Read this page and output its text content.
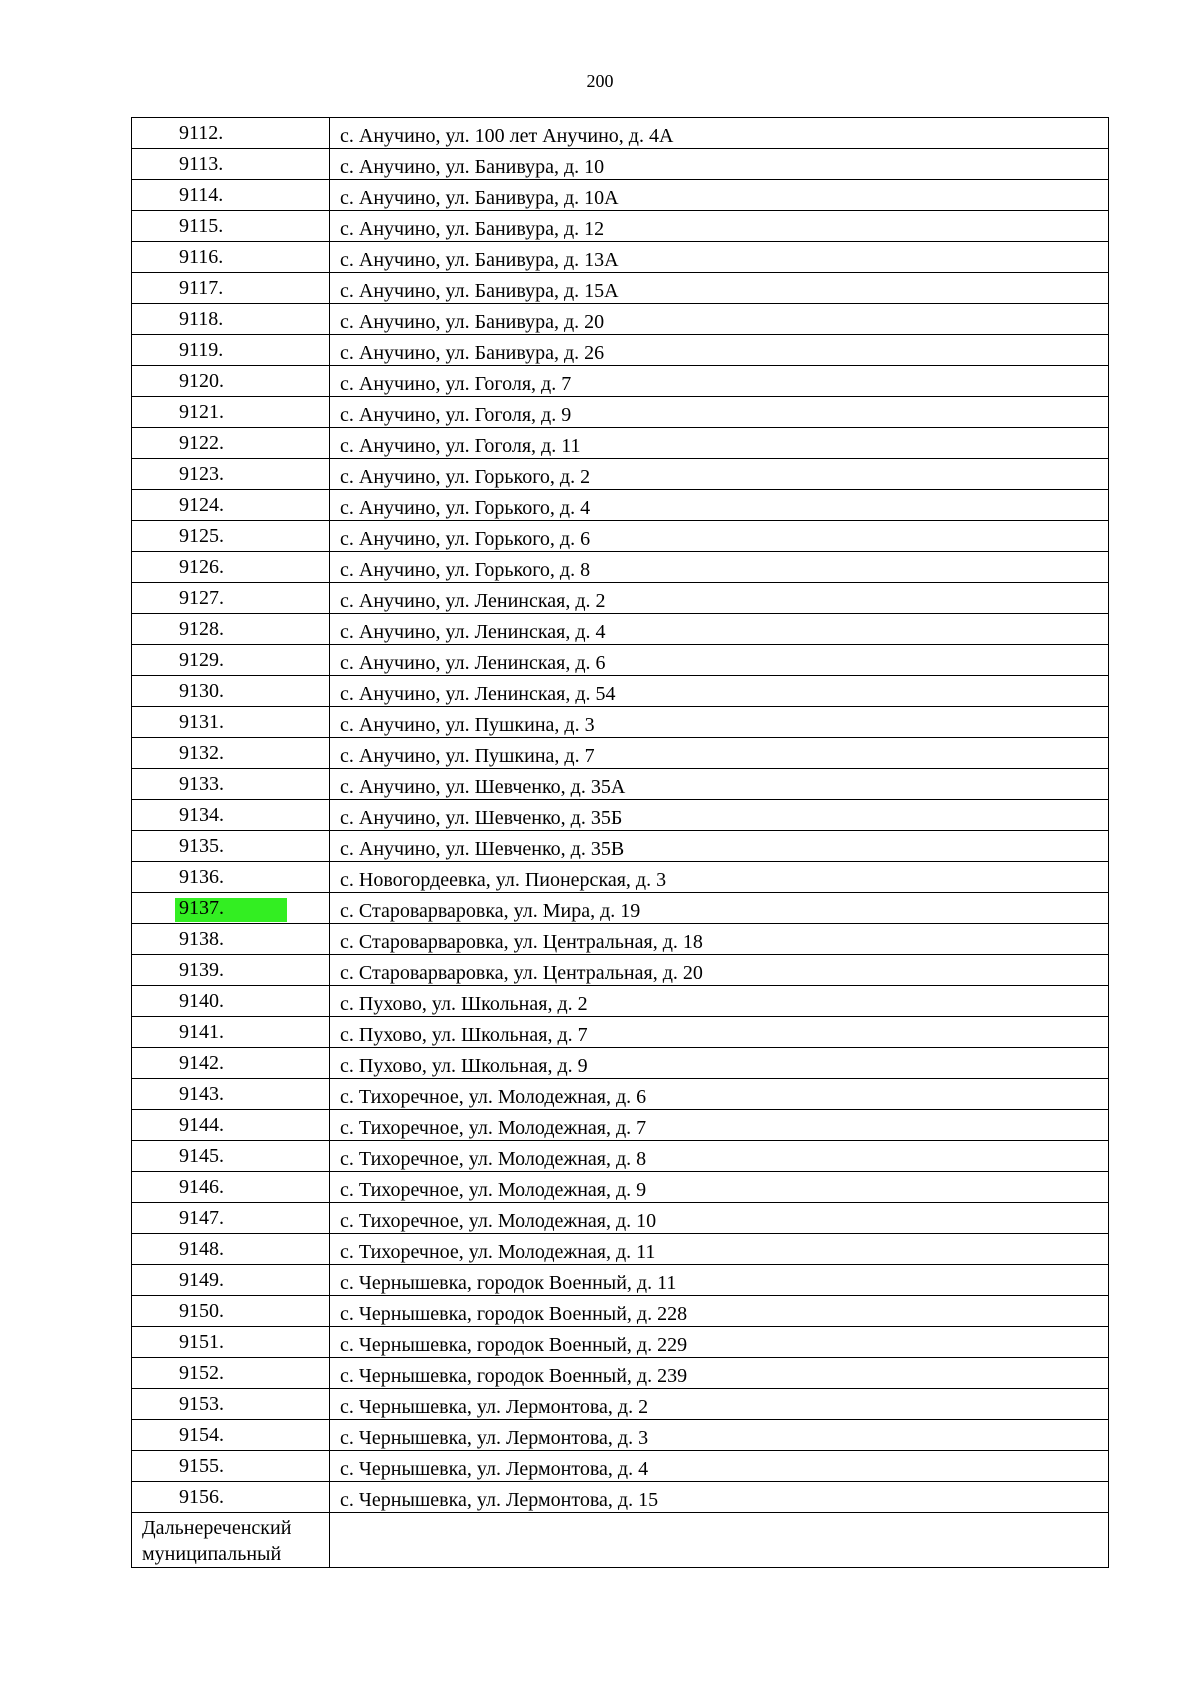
200
9112.	с. Анучино, ул. 100 лет Анучино, д. 4А
9113.	с. Анучино, ул. Банивура, д. 10
9114.	с. Анучино, ул. Банивура, д. 10А
9115.	с. Анучино, ул. Банивура, д. 12
9116.	с. Анучино, ул. Банивура, д. 13А
9117.	с. Анучино, ул. Банивура, д. 15А
9118.	с. Анучино, ул. Банивура, д. 20
9119.	с. Анучино, ул. Банивура, д. 26
9120.	с. Анучино, ул. Гоголя, д. 7
9121.	с. Анучино, ул. Гоголя, д. 9
9122.	с. Анучино, ул. Гоголя, д. 11
9123.	с. Анучино, ул. Горького, д. 2
9124.	с. Анучино, ул. Горького, д. 4
9125.	с. Анучино, ул. Горького, д. 6
9126.	с. Анучино, ул. Горького, д. 8
9127.	с. Анучино, ул. Ленинская, д. 2
9128.	с. Анучино, ул. Ленинская, д. 4
9129.	с. Анучино, ул. Ленинская, д. 6
9130.	с. Анучино, ул. Ленинская, д. 54
9131.	с. Анучино, ул. Пушкина, д. 3
9132.	с. Анучино, ул. Пушкина, д. 7
9133.	с. Анучино, ул. Шевченко, д. 35А
9134.	с. Анучино, ул. Шевченко, д. 35Б
9135.	с. Анучино, ул. Шевченко, д. 35В
9136.	с. Новогордеевка, ул. Пионерская, д. 3
9137.	с. Староварваровка, ул. Мира, д. 19
9138.	с. Староварваровка, ул. Центральная, д. 18
9139.	с. Староварваровка, ул. Центральная, д. 20
9140.	с. Пухово, ул. Школьная, д. 2
9141.	с. Пухово, ул. Школьная, д. 7
9142.	с. Пухово, ул. Школьная, д. 9
9143.	с. Тихоречное, ул. Молодежная, д. 6
9144.	с. Тихоречное, ул. Молодежная, д. 7
9145.	с. Тихоречное, ул. Молодежная, д. 8
9146.	с. Тихоречное, ул. Молодежная, д. 9
9147.	с. Тихоречное, ул. Молодежная, д. 10
9148.	с. Тихоречное, ул. Молодежная, д. 11
9149.	с. Чернышевка, городок Военный, д. 11
9150.	с. Чернышевка, городок Военный, д. 228
9151.	с. Чернышевка, городок Военный, д. 229
9152.	с. Чернышевка, городок Военный, д. 239
9153.	с. Чернышевка, ул. Лермонтова, д. 2
9154.	с. Чернышевка, ул. Лермонтова, д. 3
9155.	с. Чернышевка, ул. Лермонтова, д. 4
9156.	с. Чернышевка, ул. Лермонтова, д. 15

Дальнереченский
муниципальный	
